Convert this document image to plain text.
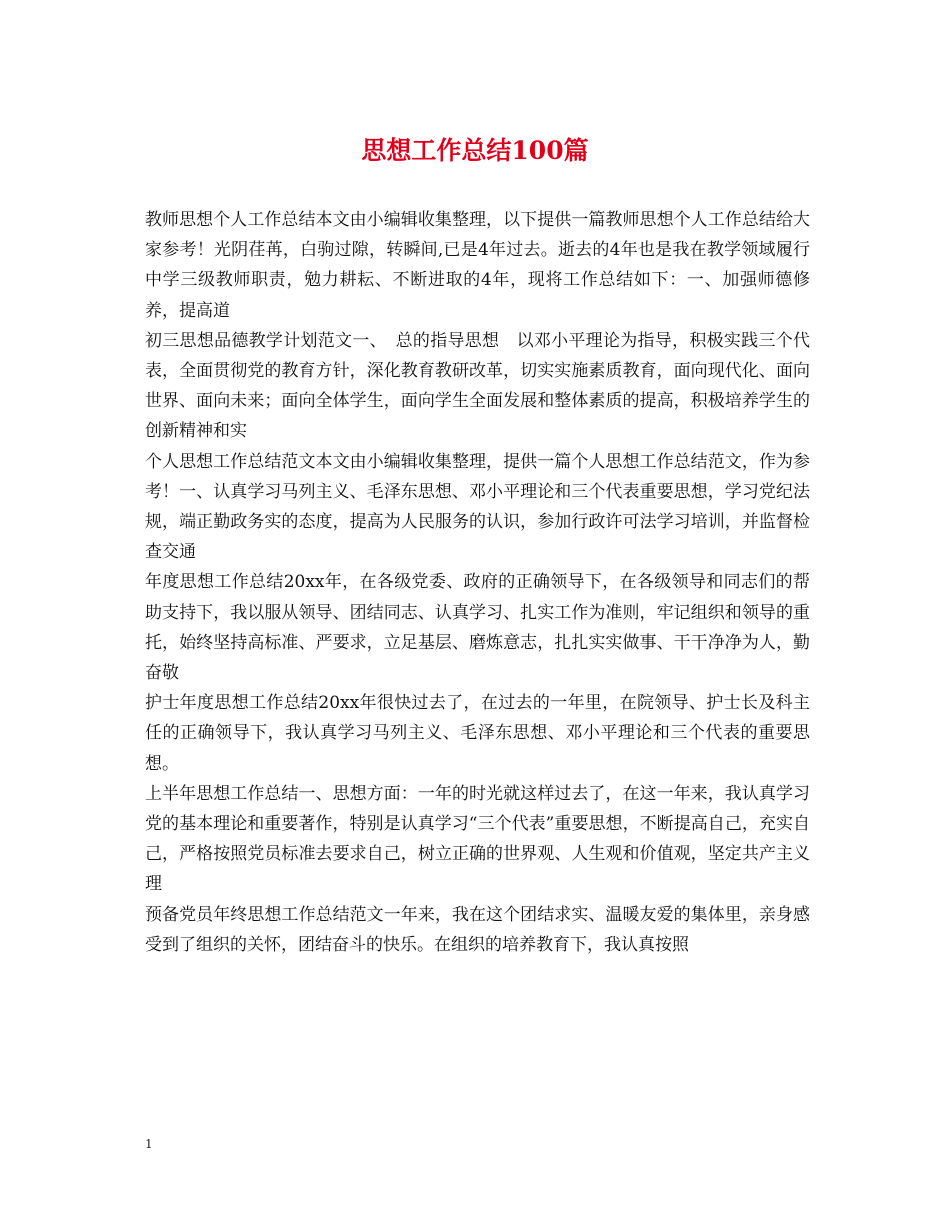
思想工作总结100篇

教师思想个人工作总结本文由小编辑收集整理，以下提供一篇教师思想个人工作总结给大家参考！光阴荏苒，白驹过隙，转瞬间,已是4年过去。逝去的4年也是我在教学领域履行中学三级教师职责，勉力耕耘、不断进取的4年，现将工作总结如下：一、加强师德修养，提高道

初三思想品德教学计划范文一、　总的指导思想　以邓小平理论为指导，积极实践三个代表，全面贯彻党的教育方针，深化教育教研改革，切实实施素质教育，面向现代化、面向世界、面向未来；面向全体学生，面向学生全面发展和整体素质的提高，积极培养学生的创新精神和实

个人思想工作总结范文本文由小编辑收集整理，提供一篇个人思想工作总结范文，作为参考！一、认真学习马列主义、毛泽东思想、邓小平理论和三个代表重要思想，学习党纪法规，端正勤政务实的态度，提高为人民服务的认识，参加行政许可法学习培训，并监督检查交通

年度思想工作总结20xx年，在各级党委、政府的正确领导下，在各级领导和同志们的帮助支持下，我以服从领导、团结同志、认真学习、扎实工作为准则，牢记组织和领导的重托，始终坚持高标准、严要求，立足基层、磨炼意志，扎扎实实做事、干干净净为人，勤奋敬

护士年度思想工作总结20xx年很快过去了，在过去的一年里，在院领导、护士长及科主任的正确领导下，我认真学习马列主义、毛泽东思想、邓小平理论和三个代表的重要思想。

上半年思想工作总结一、思想方面：一年的时光就这样过去了，在这一年来，我认真学习党的基本理论和重要著作，特别是认真学习“三个代表”重要思想，不断提高自己，充实自己，严格按照党员标准去要求自己，树立正确的世界观、人生观和价值观，坚定共产主义理

预备党员年终思想工作总结范文一年来，我在这个团结求实、温暖友爱的集体里，亲身感受到了组织的关怀，团结奋斗的快乐。在组织的培养教育下，我认真按照

1
